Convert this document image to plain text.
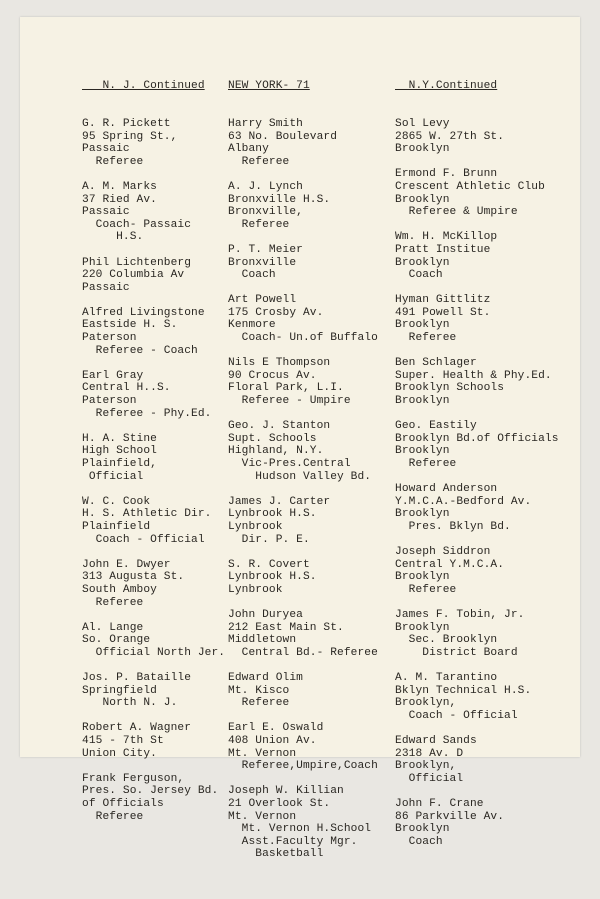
N. J. Continued

G. R. Pickett
95 Spring St.,
Passaic
Referee
A. M. Marks
37 Ried Av.
Passaic
Coach- Passaic
H.S.
Phil Lichtenberg
220 Columbia Av
Passaic
Alfred Livingstone
Eastside H. S.
Paterson
Referee - Coach
Earl Gray
Central H..S.
Paterson
Referee - Phy.Ed.
H. A. Stine
High School
Plainfield,
Official
W. C. Cook
H. S. Athletic Dir.
Plainfield
Coach - Official
John E. Dwyer
313 Augusta St.
South Amboy
Referee
Al. Lange
So. Orange
Official North Jer.
Jos. P. Bataille
Springfield
North N. J.
Robert A. Wagner
415 - 7th St
Union City.
Frank Ferguson,
Pres. So. Jersey Bd.
of Officials
Referee

NEW YORK- 71

Harry Smith
63 No. Boulevard
Albany
Referee
A. J. Lynch
Bronxville H.S.
Bronxville,
Referee
P. T. Meier
Bronxville
Coach
Art Powell
175 Crosby Av.
Kenmore
Coach- Un.of Buffalo
Nils E Thompson
90 Crocus Av.
Floral Park, L.I.
Referee - Umpire
Geo. J. Stanton
Supt. Schools
Highland, N.Y.
Vic-Pres.Central
Hudson Valley Bd.
James J. Carter
Lynbrook H.S.
Lynbrook
Dir. P. E.
S. R. Covert
Lynbrook H.S.
Lynbrook
John Duryea
212 East Main St.
Middletown
Central Bd.- Referee
Edward Olim
Mt. Kisco
Referee
Earl E. Oswald
408 Union Av.
Mt. Vernon
Referee,Umpire,Coach
Joseph W. Killian
21 Overlook St.
Mt. Vernon
Mt. Vernon H.School
Asst.Faculty Mgr.
Basketball

N.Y.Continued

Sol Levy
2865 W. 27th St.
Brooklyn
Ermond F. Brunn
Crescent Athletic Club
Brooklyn
Referee & Umpire
Wm. H. McKillop
Pratt Institue
Brooklyn
Coach
Hyman Gittlitz
491 Powell St.
Brooklyn
Referee
Ben Schlager
Super. Health & Phy.Ed.
Brooklyn Schools
Brooklyn
Geo. Eastily
Brooklyn Bd.of Officials
Brooklyn
Referee
Howard Anderson
Y.M.C.A.-Bedford Av.
Brooklyn
Pres. Bklyn Bd.
Joseph Siddron
Central Y.M.C.A.
Brooklyn
Referee
James F. Tobin, Jr.
Brooklyn
Sec. Brooklyn
District Board
A. M. Tarantino
Bklyn Technical H.S.
Brooklyn,
Coach - Official
Edward Sands
2318 Av. D
Brooklyn,
Official
John F. Crane
86 Parkville Av.
Brooklyn
Coach
